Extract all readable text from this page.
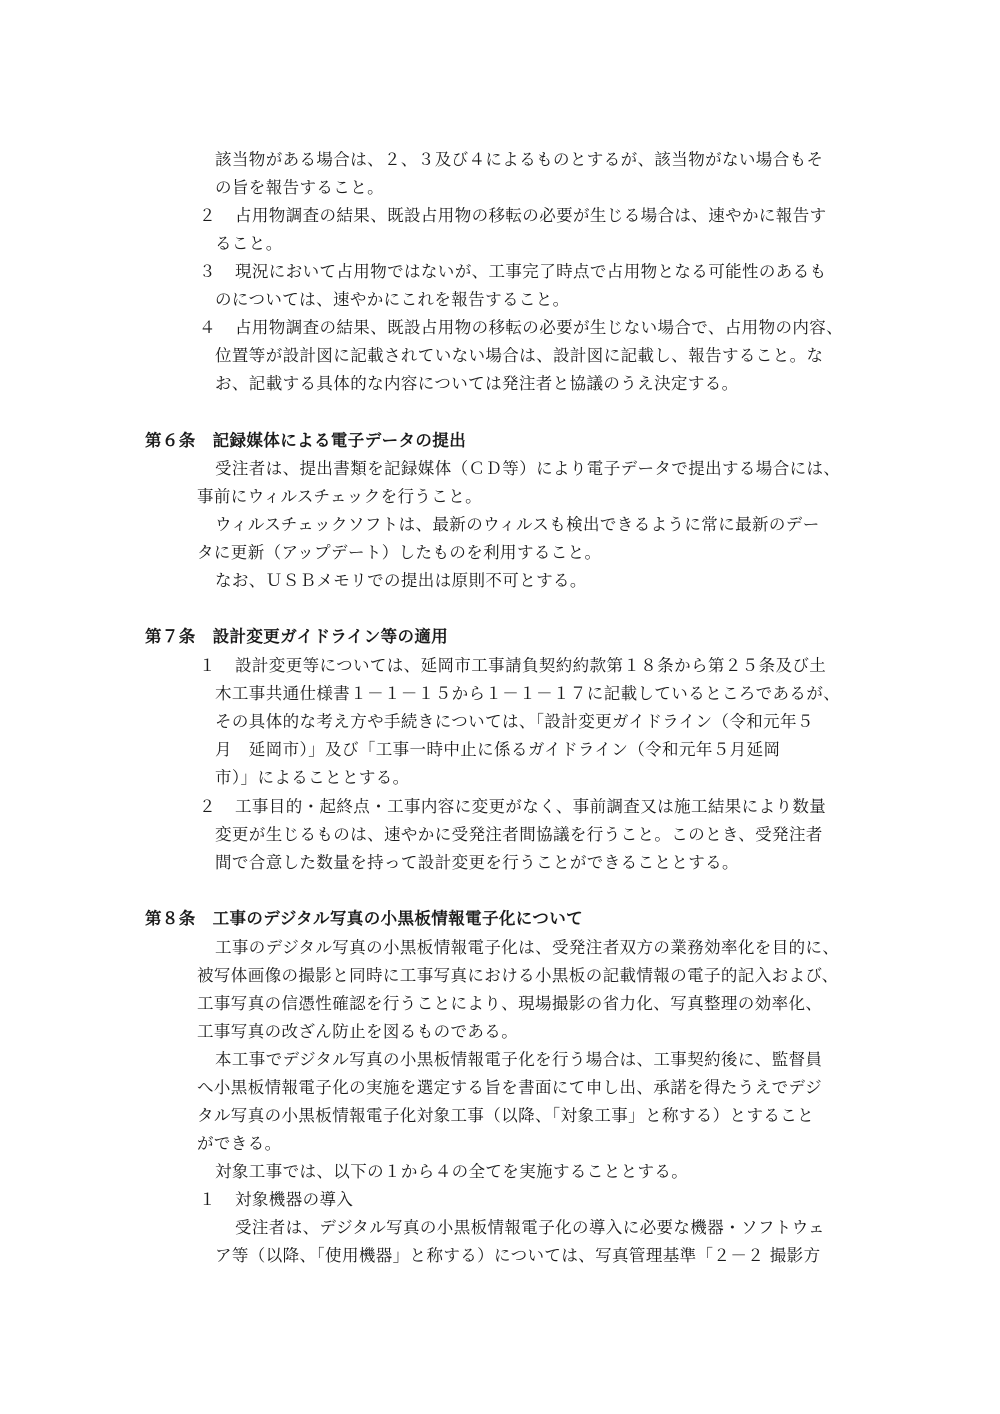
該当物がある場合は、２、３及び４によるものとするが、該当物がない場合もそ

の旨を報告すること。

２ 占用物調査の結果、既設占用物の移転の必要が生じる場合は、速やかに報告す

ること。

３ 現況において占用物ではないが、工事完了時点で占用物となる可能性のあるも

のについては、速やかにこれを報告すること。

４ 占用物調査の結果、既設占用物の移転の必要が生じない場合で、占用物の内容、

位置等が設計図に記載されていない場合は、設計図に記載し、報告すること。な

お、記載する具体的な内容については発注者と協議のうえ決定する。

第６条　記録媒体による電子データの提出

受注者は、提出書類を記録媒体（ＣＤ等）により電子データで提出する場合には、

事前にウィルスチェックを行うこと。

ウィルスチェックソフトは、最新のウィルスも検出できるように常に最新のデー

タに更新（アップデート）したものを利用すること。

なお、ＵＳＢメモリでの提出は原則不可とする。

第７条　設計変更ガイドライン等の適用

１ 設計変更等については、延岡市工事請負契約約款第１８条から第２５条及び土

木工事共通仕様書１－１－１５から１－１－１７に記載しているところであるが、

その具体的な考え方や手続きについては、「設計変更ガイドライン（令和元年５

月　延岡市）」及び「工事一時中止に係るガイドライン（令和元年５月延岡

市）」によることとする。

２ 工事目的・起終点・工事内容に変更がなく、事前調査又は施工結果により数量

変更が生じるものは、速やかに受発注者間協議を行うこと。このとき、受発注者

間で合意した数量を持って設計変更を行うことができることとする。

第８条　工事のデジタル写真の小黒板情報電子化について

工事のデジタル写真の小黒板情報電子化は、受発注者双方の業務効率化を目的に、

被写体画像の撮影と同時に工事写真における小黒板の記載情報の電子的記入および、

工事写真の信憑性確認を行うことにより、現場撮影の省力化、写真整理の効率化、

工事写真の改ざん防止を図るものである。

本工事でデジタル写真の小黒板情報電子化を行う場合は、工事契約後に、監督員

へ小黒板情報電子化の実施を選定する旨を書面にて申し出、承諾を得たうえでデジ

タル写真の小黒板情報電子化対象工事（以降、「対象工事」と称する）とすること

ができる。

対象工事では、以下の１から４の全てを実施することとする。

１ 対象機器の導入

受注者は、デジタル写真の小黒板情報電子化の導入に必要な機器・ソフトウェ

ア等（以降、「使用機器」と称する）については、写真管理基準「２－２ 撮影方
